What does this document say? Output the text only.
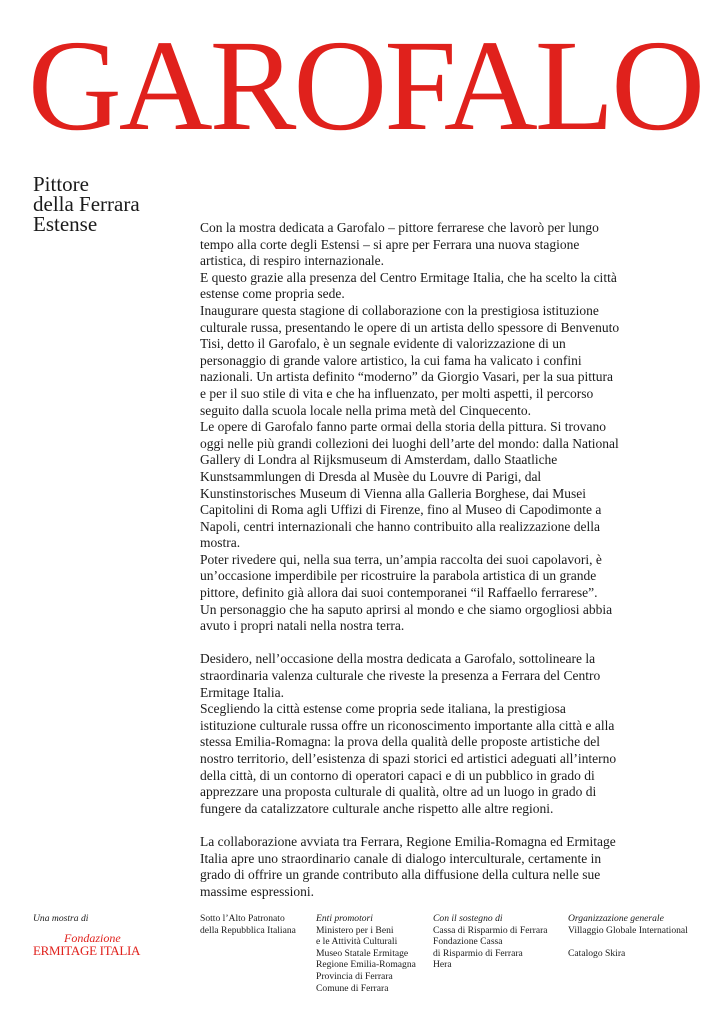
GAROFALO
Pittore
della Ferrara
Estense	Con la mostra dedicata a Garofalo – pittore ferrarese che lavorò per lungo tempo alla corte degli Estensi – si apre per Ferrara una nuova stagione artistica, di respiro internazionale.

E questo grazie alla presenza del Centro Ermitage Italia, che ha scelto la città estense come propria sede.

Inaugurare questa stagione di collaborazione con la prestigiosa istituzione culturale russa, presentando le opere di un artista dello spessore di Benvenuto Tisi, detto il Garofalo, è un segnale evidente di valorizzazione di un personaggio di grande valore artistico, la cui fama ha valicato i confini nazionali. Un artista definito “moderno” da Giorgio Vasari, per la sua pittura e per il suo stile di vita e che ha influenzato, per molti aspetti, il percorso seguito dalla scuola locale nella prima metà del Cinquecento.

Le opere di Garofalo fanno parte ormai della storia della pittura. Si trovano oggi nelle più grandi collezioni dei luoghi dell’arte del mondo: dalla National Gallery di Londra al Rijksmuseum di Amsterdam, dallo Staatliche Kunstsammlungen di Dresda al Musèe du Louvre di Parigi, dal Kunstinstorisches Museum di Vienna alla Galleria Borghese, dai Musei Capitolini di Roma agli Uffizi di Firenze, fino al Museo di Capodimonte a Napoli, centri internazionali che hanno contribuito alla realizzazione della mostra.

Poter rivedere qui, nella sua terra, un’ampia raccolta dei suoi capolavori, è un’occasione imperdibile per ricostruire la parabola artistica di un grande pittore, definito già allora dai suoi contemporanei “il Raffaello ferrarese”.

Un personaggio che ha saputo aprirsi al mondo e che siamo orgogliosi abbia avuto i propri natali nella nostra terra.

Desidero, nell’occasione della mostra dedicata a Garofalo, sottolineare la straordinaria valenza culturale che riveste la presenza a Ferrara del Centro Ermitage Italia.

Scegliendo la città estense come propria sede italiana, la prestigiosa istituzione culturale russa offre un riconoscimento importante alla città e alla stessa Emilia-Romagna: la prova della qualità delle proposte artistiche del nostro territorio, dell’esistenza di spazi storici ed artistici adeguati all’interno della città, di un contorno di operatori capaci e di un pubblico in grado di apprezzare una proposta culturale di qualità, oltre ad un luogo in grado di fungere da catalizzatore culturale anche rispetto alle altre regioni.

La collaborazione avviata tra Ferrara, Regione Emilia-Romagna ed Ermitage Italia apre uno straordinario canale di dialogo interculturale, certamente in grado di offrire un grande contributo alla diffusione della cultura nelle sue massime espressioni.

Una mostra di
Fondazione
ERMITAGE ITALIA
Sotto l’Alto Patronato
della Repubblica Italiana
Enti promotori
Ministero per i Beni
e le Attività Culturali
Museo Statale Ermitage
Regione Emilia-Romagna
Provincia di Ferrara
Comune di Ferrara
Con il sostegno di
Cassa di Risparmio di Ferrara
Fondazione Cassa
di Risparmio di Ferrara
Hera
Organizzazione generale
Villaggio Globale International
Catalogo Skira
